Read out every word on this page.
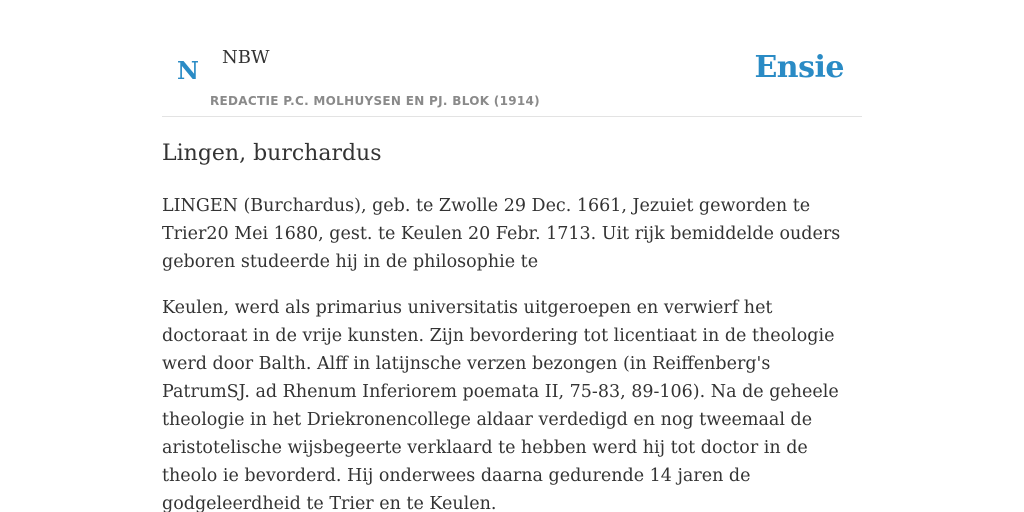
N NBW
REDACTIE P.C. MOLHUYSEN EN PJ. BLOK (1914)
Ensie
Lingen, burchardus

LINGEN (Burchardus), geb. te Zwolle 29 Dec. 1661, Jezuiet geworden te Trier20 Mei 1680, gest. te Keulen 20 Febr. 1713. Uit rijk bemiddelde ouders geboren studeerde hij in de philosophie te

Keulen, werd als primarius universitatis uitgeroepen en verwierf het doctoraat in de vrije kunsten. Zijn bevordering tot licentiaat in de theologie werd door Balth. Alff in latijnsche verzen bezongen (in Reiffenberg's PatrumSJ. ad Rhenum Inferiorem poemata II, 75-83, 89-106). Na de geheele theologie in het Driekronencollege aldaar verdedigd en nog tweemaal de aristotelische wijsbegeerte verklaard te hebben werd hij tot doctor in de theolo ie bevorderd. Hij onderwees daarna gedurende 14 jaren de godgeleerdheid te Trier en te Keulen.
